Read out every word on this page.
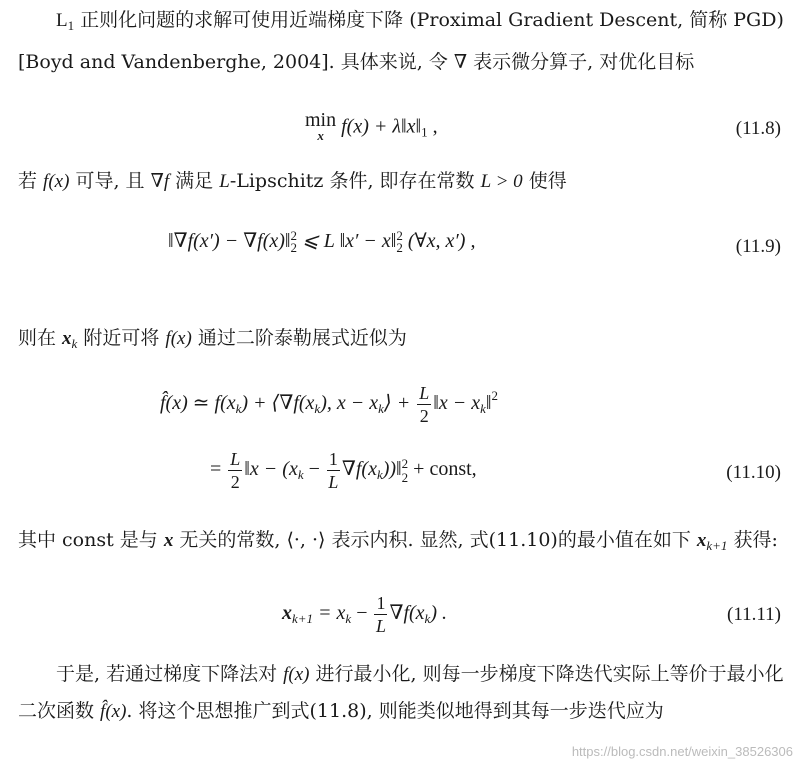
$L_1$ 正则化问题的求解可使用近端梯度下降 (Proximal Gradient Descent, 简称 PGD) [Boyd and Vandenberghe, 2004]. 具体来说, 令 ∇ 表示微分算子, 对优化目标

min
x $f(x) + \lambda‖x‖_1$ ,	(11.8)

若 f(x) 可导, 且 ∇f 满足 L-Lipschitz 条件, 即存在常数 L > 0 使得

‖∇f(x′) − ∇f(x)‖ 2
2 ⩽ L ‖x′ − x‖ 2
2 (∀x, x′) ,	(11.9)

则在 $x_k$ 附近可将 f(x) 通过二阶泰勒展式近似为

f̂(x) ≃ $f(x_k)$ + $⟨\nabla f(x_k)$, $x - x_k⟩ + \frac{L}{2}$ ‖x − $x_k‖^2$
= $\frac{L}{2}$ ‖x − ($x_k - \frac{1}{L}$ $\nabla f(x_k))‖$ 2
2 + const,	(11.10)

其中 const 是与 x 无关的常数, ⟨·, ·⟩ 表示内积. 显然, 式(11.10)的最小值在如下 $x_{k+1}$ 获得:

$x_{k+1} = x_k - \frac{1}{L} \nabla f(x_k)$ .	(11.11)

于是, 若通过梯度下降法对 f(x) 进行最小化, 则每一步梯度下降迭代实际上等价于最小化二次函数 f̂(x). 将这个思想推广到式(11.8), 则能类似地得到其每一步迭代应为

https://blog.csdn.net/weixin_38526306
